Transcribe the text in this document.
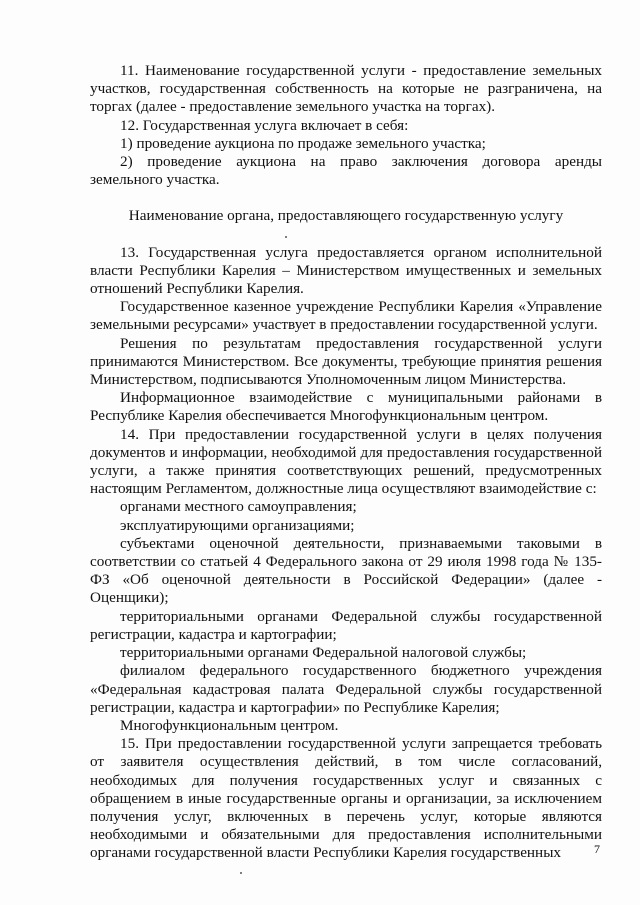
11. Наименование государственной услуги - предоставление земельных участков, государственная собственность на которые не разграничена, на торгах (далее - предоставление земельного участка на торгах).

12. Государственная услуга включает в себя:

1) проведение аукциона по продаже земельного участка;

2) проведение аукциона на право заключения договора аренды земельного участка.

Наименование органа, предоставляющего государственную услугу

13. Государственная услуга предоставляется органом исполнительной власти Республики Карелия – Министерством имущественных и земельных отношений Республики Карелия.

Государственное казенное учреждение Республики Карелия «Управление земельными ресурсами» участвует в предоставлении государственной услуги.

Решения по результатам предоставления государственной услуги принимаются Министерством. Все документы, требующие принятия решения Министерством, подписываются Уполномоченным лицом Министерства.

Информационное взаимодействие с муниципальными районами в Республике Карелия обеспечивается Многофункциональным центром.

14. При предоставлении государственной услуги в целях получения документов и информации, необходимой для предоставления государственной услуги, а также принятия соответствующих решений, предусмотренных настоящим Регламентом, должностные лица осуществляют взаимодействие с:

органами местного самоуправления;

эксплуатирующими организациями;

субъектами оценочной деятельности, признаваемыми таковыми в соответствии со статьей 4 Федерального закона от 29 июля 1998 года № 135-ФЗ «Об оценочной деятельности в Российской Федерации» (далее - Оценщики);

территориальными органами Федеральной службы государственной регистрации, кадастра и картографии;

территориальными органами Федеральной налоговой службы;

филиалом федерального государственного бюджетного учреждения «Федеральная кадастровая палата Федеральной службы государственной регистрации, кадастра и картографии» по Республике Карелия;

Многофункциональным центром.

15. При предоставлении государственной услуги запрещается требовать от заявителя осуществления действий, в том числе согласований, необходимых для получения государственных услуг и связанных с обращением в иные государственные органы и организации, за исключением получения услуг, включенных в перечень услуг, которые являются необходимыми и обязательными для предоставления исполнительными органами государственной власти Республики Карелия государственных	7
